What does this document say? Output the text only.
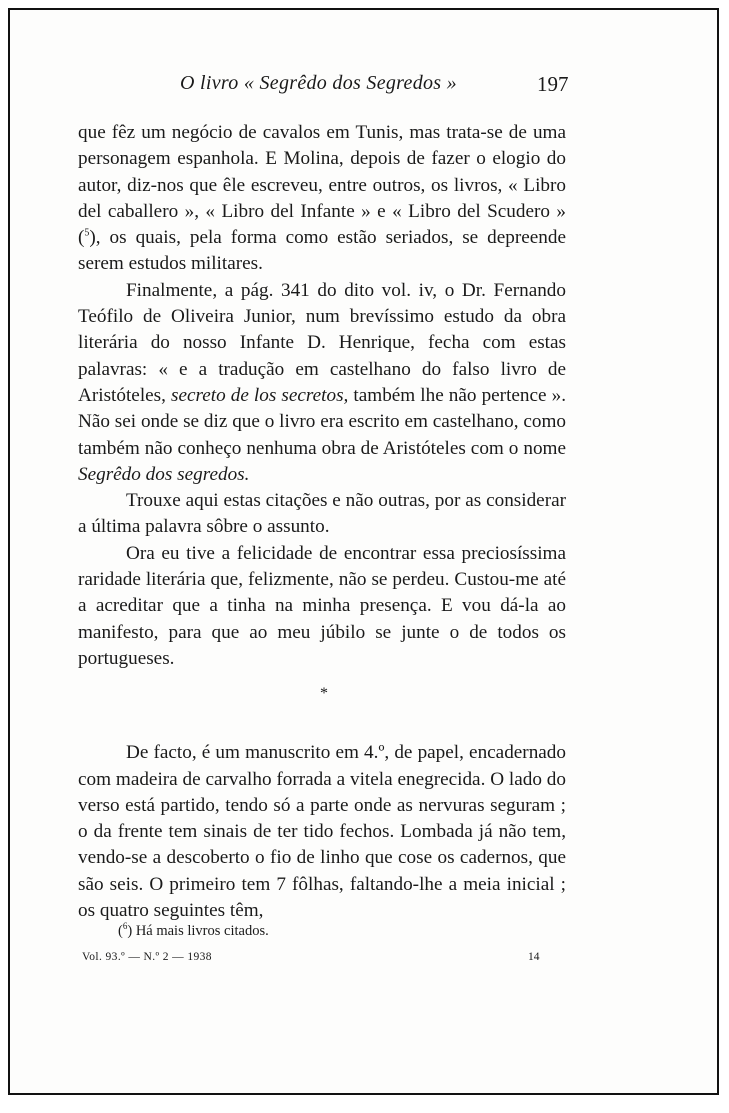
O livro « Segrêdo dos Segredos »	197

que fêz um negócio de cavalos em Tunis, mas trata-se de uma personagem espanhola. E Molina, depois de fazer o elogio do autor, diz-nos que êle escreveu, entre outros, os livros, « Libro del caballero », « Libro del Infante » e « Libro del Scudero » ($^5$), os quais, pela forma como estão seriados, se depreende serem estudos militares.

Finalmente, a pág. 341 do dito vol. iv, o Dr. Fernando Teófilo de Oliveira Junior, num brevíssimo estudo da obra literária do nosso Infante D. Henrique, fecha com estas palavras: « e a tradução em castelhano do falso livro de Aristóteles, secreto de los secretos, também lhe não pertence ». Não sei onde se diz que o livro era escrito em castelhano, como também não conheço nenhuma obra de Aristóteles com o nome Segrêdo dos segredos.

Trouxe aqui estas citações e não outras, por as considerar a última palavra sôbre o assunto.

Ora eu tive a felicidade de encontrar essa preciosíssima raridade literária que, felizmente, não se perdeu. Custou-me até a acreditar que a tinha na minha presença. E vou dá-la ao manifesto, para que ao meu júbilo se junte o de todos os portugueses.

*

De facto, é um manuscrito em 4.º, de papel, encadernado com madeira de carvalho forrada a vitela enegrecida. O lado do verso está partido, tendo só a parte onde as nervuras seguram ; o da frente tem sinais de ter tido fechos. Lombada já não tem, vendo-se a descoberto o fio de linho que cose os cadernos, que são seis. O primeiro tem 7 fôlhas, faltando-lhe a meia inicial ; os quatro seguintes têm,

($^6$) Há mais livros citados.
Vol. 93.º — N.º 2 — 1938	14
